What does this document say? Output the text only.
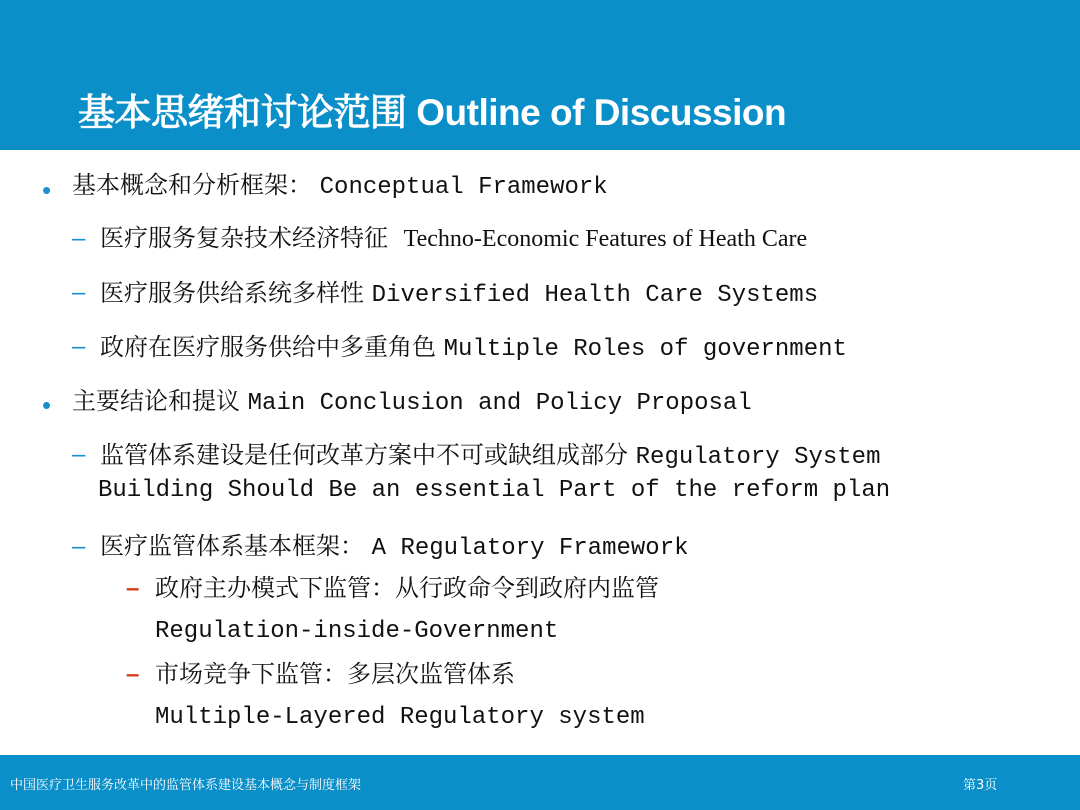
基本思绪和讨论范围 Outline of Discussion
• 基本概念和分析框架： Conceptual Framework
– 医疗服务复杂技术经济特征 Techno-Economic Features of Heath Care
– 医疗服务供给系统多样性 Diversified Health Care Systems
– 政府在医疗服务供给中多重角色 Multiple Roles of government
• 主要结论和提议 Main Conclusion and Policy Proposal
– 监管体系建设是任何改革方案中不可或缺组成部分 Regulatory System
Building Should Be an essential Part of the reform plan
– 医疗监管体系基本框架： A Regulatory Framework
– 政府主办模式下监管：从行政命令到政府内监管
Regulation-inside-Government
– 市场竞争下监管：多层次监管体系
Multiple-Layered Regulatory system
中国医疗卫生服务改革中的监管体系建设基本概念与制度框架	第3页
